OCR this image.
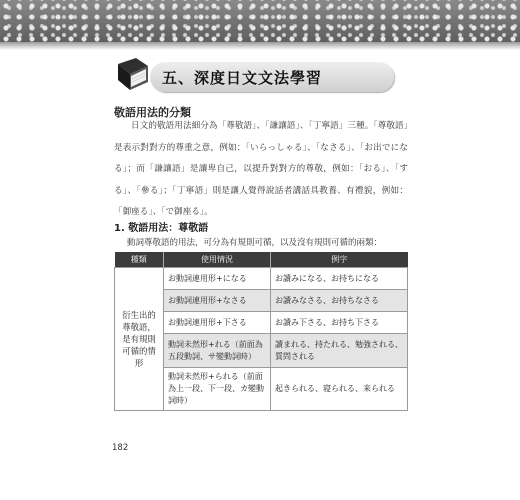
五、深度日文文法學習
敬語用法的分類
日文的敬語用法細分為「尊敬語」、「謙讓語」、「丁寧語」三種。「尊敬語」是表示對對方的尊重之意，例如：「いらっしゃる」、「なさる」、「お出でになる」；而「謙讓語」是讓卑自己，以提升對對方的尊敬，例如：「おる」、「する」、「參る」；「丁寧語」則是讓人覺得說話者講話具教養、有禮貌，例如：「御座る」、「で御座る」。
1. 敬語用法：尊敬語
動詞尊敬語的用法，可分為有規則可循，以及沒有規則可循的兩類：
種類	使用情況	例字
衍生出的尊敬語，是有規則可循的情形	お動詞連用形+になる	お讀みになる、お持ちになる
	お動詞連用形+なさる	お讀みなさる、お持ちなさる
	お動詞連用形+下さる	お讀み下さる、お持ち下さる
	動詞未然形+れる（前面為五段動詞、サ變動詞時）	讀まれる、持たれる、勉強される、質問される
	動詞未然形+られる（前面為上一段、下一段、カ變動詞時）	起きられる、寝られる、来られる
182
